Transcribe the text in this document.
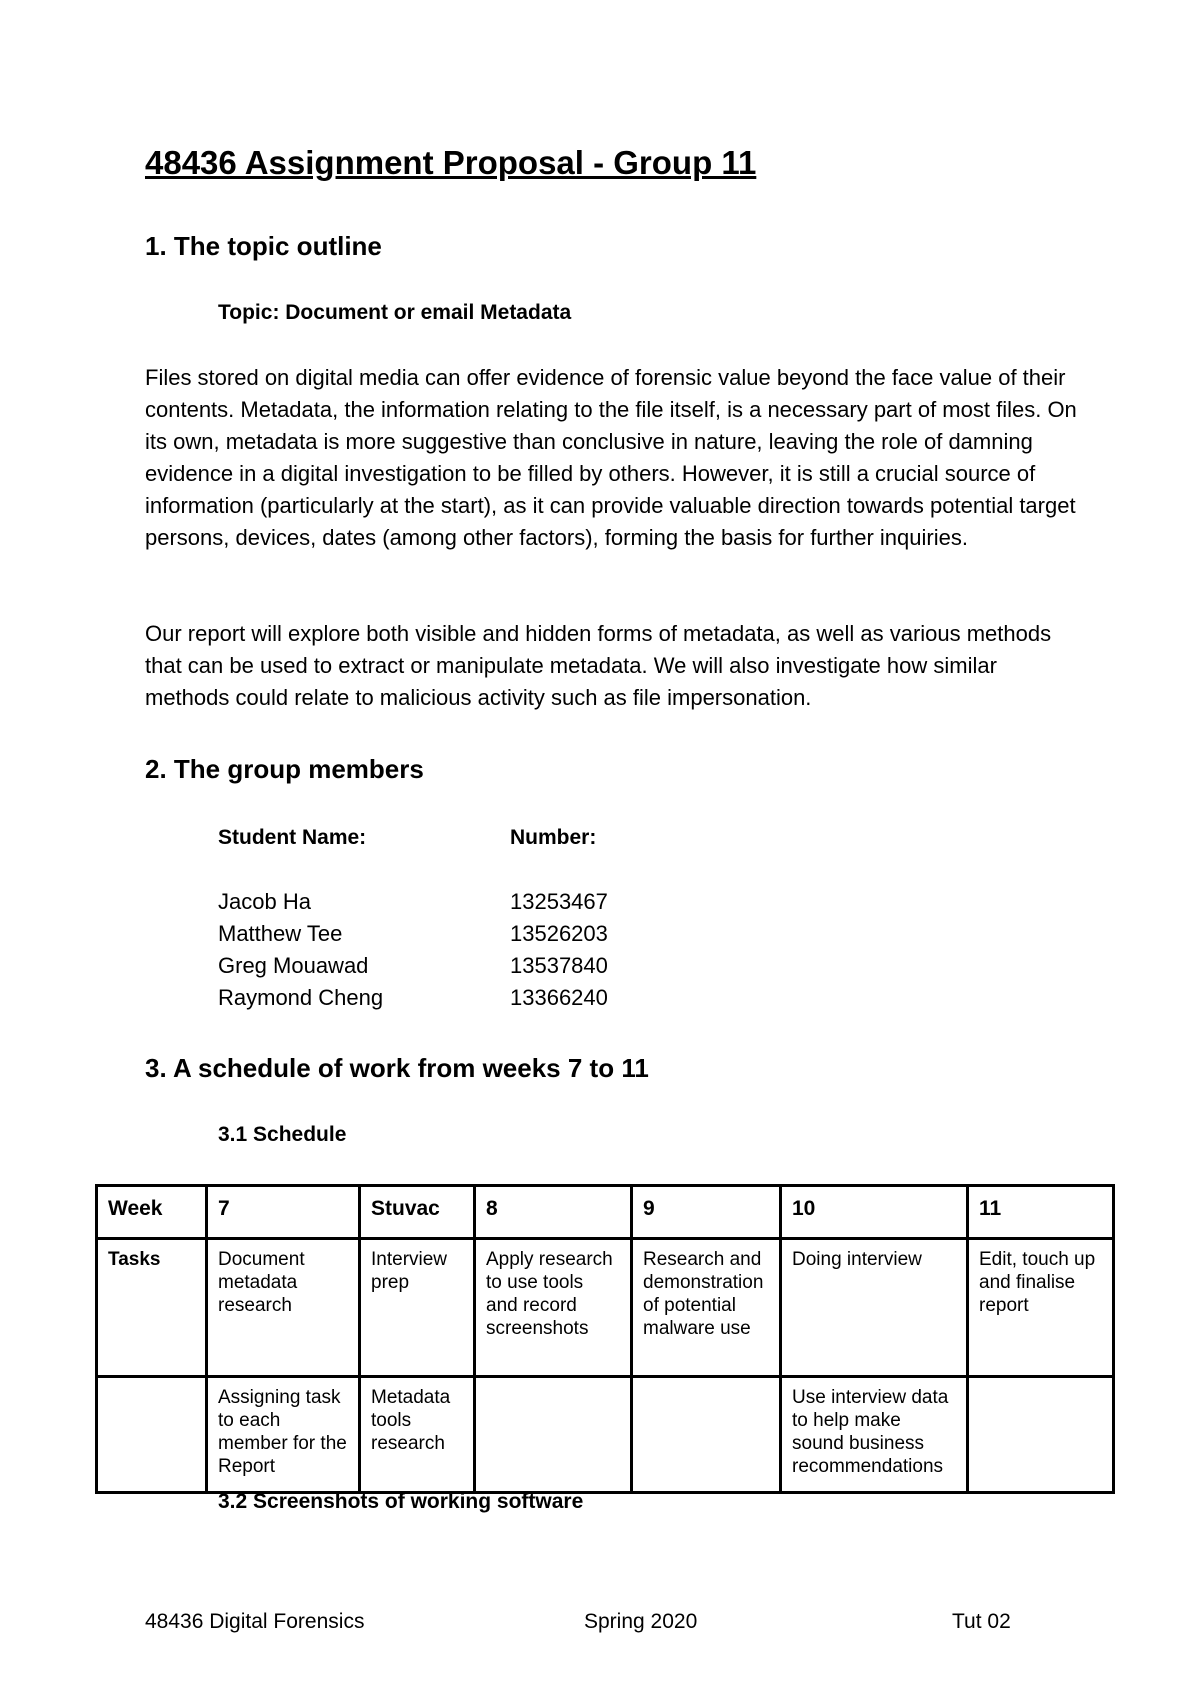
48436 Assignment Proposal - Group 11
1. The topic outline
Topic: Document or email Metadata

Files stored on digital media can offer evidence of forensic value beyond the face value of their contents. Metadata, the information relating to the file itself, is a necessary part of most files. On its own, metadata is more suggestive than conclusive in nature, leaving the role of damning evidence in a digital investigation to be filled by others. However, it is still a crucial source of information (particularly at the start), as it can provide valuable direction towards potential target persons, devices, dates (among other factors), forming the basis for further inquiries.

Our report will explore both visible and hidden forms of metadata, as well as various methods that can be used to extract or manipulate metadata. We will also investigate how similar methods could relate to malicious activity such as file impersonation.

2. The group members
Student Name:	Number:
Jacob Ha	13253467
Matthew Tee	13526203
Greg Mouawad	13537840
Raymond Cheng	13366240
3. A schedule of work from weeks 7 to 11
3.1 Schedule
Week	7	Stuvac	8	9	10	11
Tasks	Document metadata research	Interview prep	Apply research to use tools and record screenshots	Research and demonstration of potential malware use	Doing interview	Edit, touch up and finalise report
	Assigning task to each member for the Report	Metadata tools research			Use interview data to help make sound business recommendations	
3.2 Screenshots of working software
48436 Digital Forensics	Spring 2020	Tut 02
